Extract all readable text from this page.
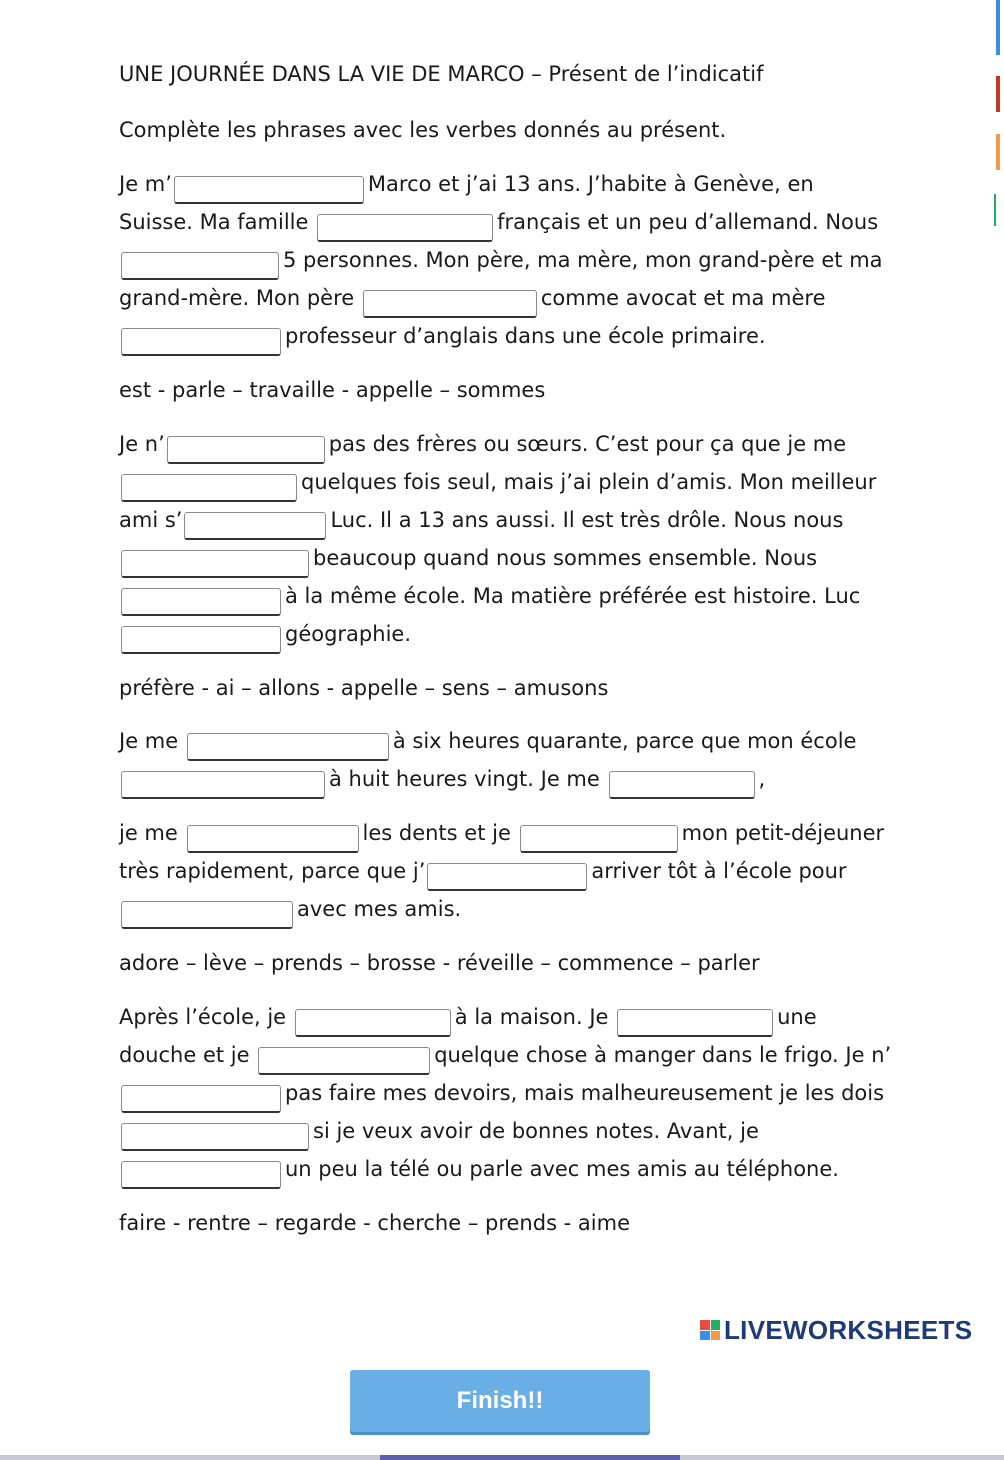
UNE JOURNÉE DANS LA VIE DE MARCO – Présent de l’indicatif

Complète les phrases avec les verbes donnés au présent.

Je m’	Marco et j’ai 13 ans. J’habite à Genève, en Suisse. Ma famille	français et un peu d’allemand. Nous 5 personnes. Mon père, ma mère, mon grand-père et ma grand-mère. Mon père	comme avocat et ma mère professeur d’anglais dans une école primaire.

est - parle – travaille - appelle – sommes

Je n’	pas des frères ou sœurs. C’est pour ça que je me quelques fois seul, mais j’ai plein d’amis. Mon meilleur ami s’	Luc. Il a 13 ans aussi. Il est très drôle. Nous nous beaucoup quand nous sommes ensemble. Nous à la même école. Ma matière préférée est histoire. Luc géographie.

préfère - ai – allons - appelle – sens – amusons

Je me	à six heures quarante, parce que mon école à huit heures vingt. Je me	,

je me	les dents et je	mon petit-déjeuner très rapidement, parce que j’	arriver tôt à l’école pour avec mes amis.

adore – lève – prends – brosse - réveille – commence – parler

Après l’école, je	à la maison. Je	une douche et je	quelque chose à manger dans le frigo. Je n’pas faire mes devoirs, mais malheureusement je les dois si je veux avoir de bonnes notes. Avant, je un peu la télé ou parle avec mes amis au téléphone.

faire - rentre – regarde - cherche – prends - aime

LIVEWORKSHEETS
Finish!!
